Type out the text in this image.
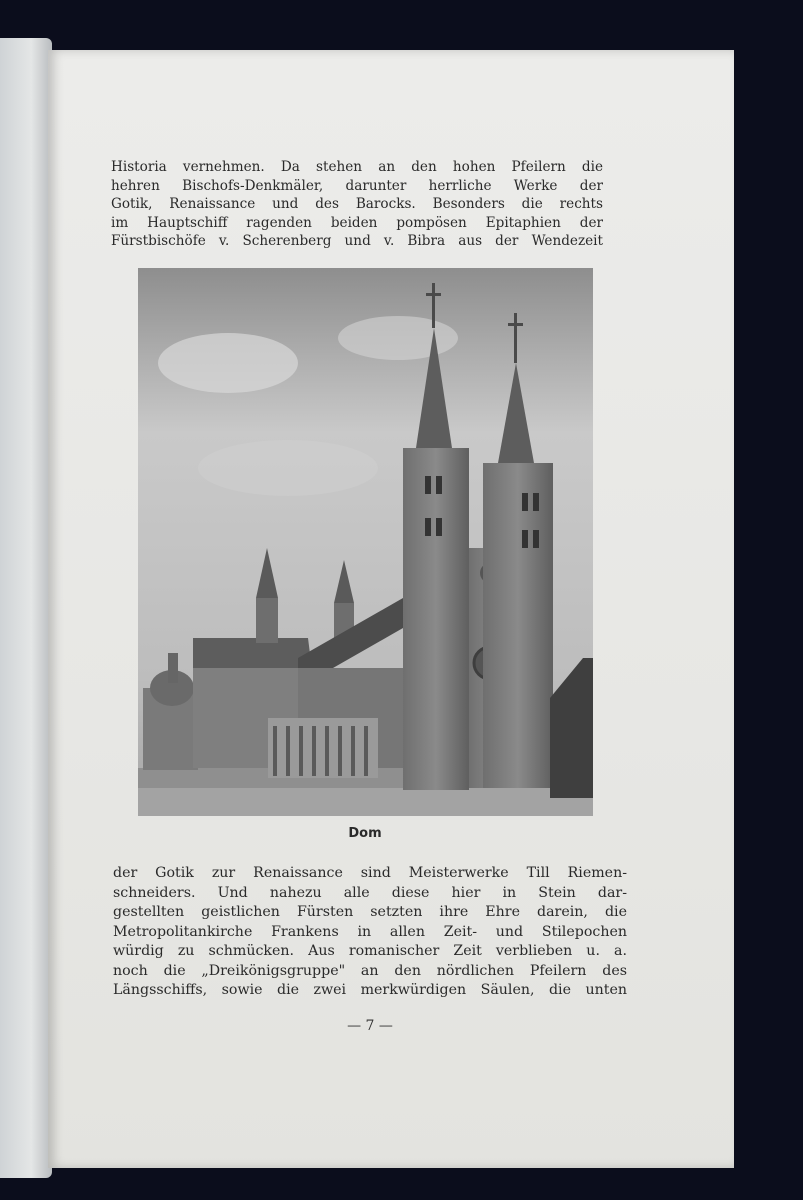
Historia vernehmen. Da stehen an den hohen Pfeilern die
hehren Bischofs-Denkmäler, darunter herrliche Werke der
Gotik, Renaissance und des Barocks. Besonders die rechts
im Hauptschiff ragenden beiden pompösen Epitaphien der
Fürstbischöfe v. Scherenberg und v. Bibra aus der Wendezeit
Dom
der Gotik zur Renaissance sind Meisterwerke Till Riemen-
schneiders. Und nahezu alle diese hier in Stein dar-
gestellten geistlichen Fürsten setzten ihre Ehre darein, die
Metropolitankirche Frankens in allen Zeit- und Stilepochen
würdig zu schmücken. Aus romanischer Zeit verblieben u. a.
noch die „Dreikönigsgruppe" an den nördlichen Pfeilern des
Längsschiffs, sowie die zwei merkwürdigen Säulen, die unten
— 7 —
